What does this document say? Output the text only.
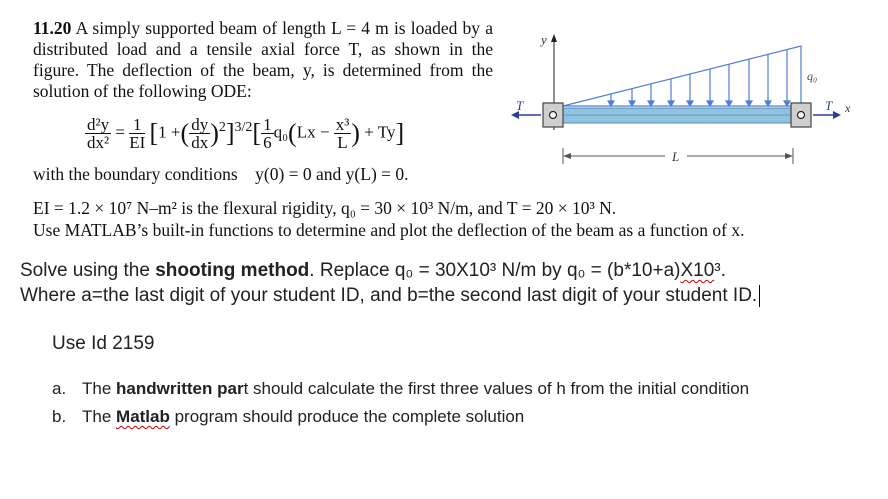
11.20 A simply supported beam of length L = 4 m is loaded by a distributed load and a tensile axial force T, as shown in the figure. The deflection of the beam, y, is determined from the solution of the following ODE:
$\frac{\text{d²y}}{\text{dx²}} = \frac{1}{EI} [1$ +( $\frac{dy}{dx} )^2]^{3/2}[ \frac{1}{6} q_0(Lx - \frac{\text{x³}}{L}$ ) + Ty]
y
q₀
T	T x
L
with the boundary conditions y(0) = 0 and y(L) = 0.
EI = 1.2 × 10⁷ N–m² is the flexural rigidity, q₀ = 30 × 10³ N/m, and T = 20 × 10³ N.
Use MATLAB’s built-in functions to determine and plot the deflection of the beam as a function of x.
Solve using the shooting method. Replace q₀ = 30X10³ N/m by q₀ = (b*10+a)X10³.
Where a=the last digit of your student ID, and b=the second last digit of your student ID.
Use Id 2159
a. The handwritten part should calculate the first three values of h from the initial condition
b. The Matlab program should produce the complete solution
